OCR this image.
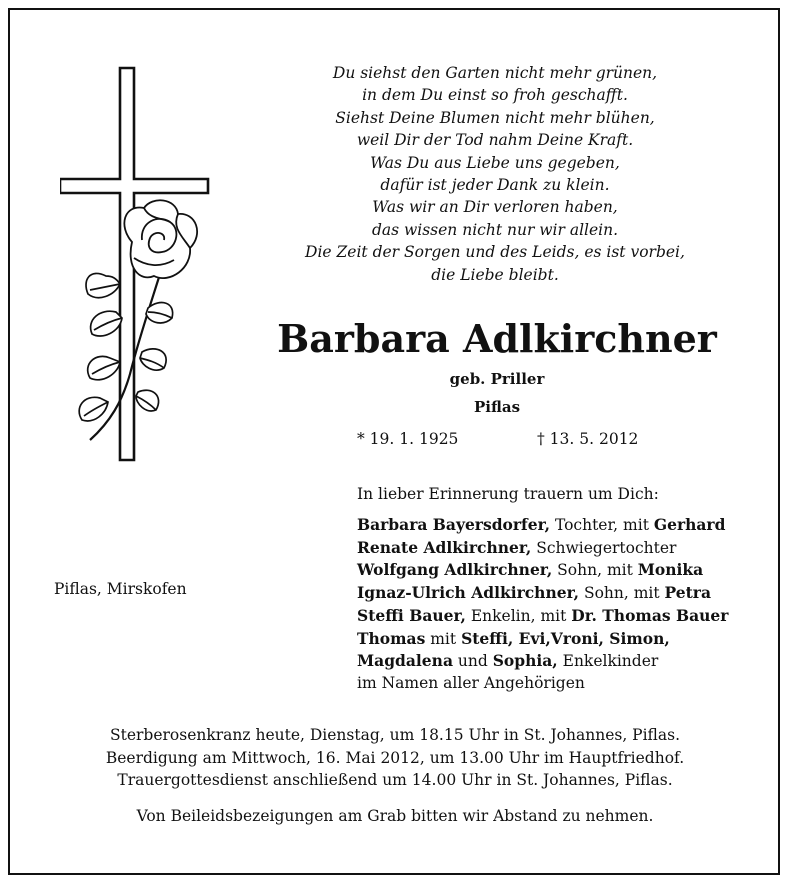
Du siehst den Garten nicht mehr grünen,
in dem Du einst so froh geschafft.
Siehst Deine Blumen nicht mehr blühen,
weil Dir der Tod nahm Deine Kraft.
Was Du aus Liebe uns gegeben,
dafür ist jeder Dank zu klein.
Was wir an Dir verloren haben,
das wissen nicht nur wir allein.
Die Zeit der Sorgen und des Leids, es ist vorbei,
die Liebe bleibt.
Barbara Adlkirchner
geb. Priller
Piflas
* 19. 1. 1925	† 13. 5. 2012
In lieber Erinnerung trauern um Dich:
Barbara Bayersdorfer, Tochter, mit Gerhard
Renate Adlkirchner, Schwiegertochter
Wolfgang Adlkirchner, Sohn, mit Monika
Ignaz-Ulrich Adlkirchner, Sohn, mit Petra
Steffi Bauer, Enkelin, mit Dr. Thomas Bauer
Thomas mit Steffi, Evi,Vroni, Simon,
Magdalena und Sophia, Enkelkinder
im Namen aller Angehörigen
Piflas, Mirskofen
Sterberosenkranz heute, Dienstag, um 18.15 Uhr in St. Johannes, Piflas.
Beerdigung am Mittwoch, 16. Mai 2012, um 13.00 Uhr im Hauptfriedhof.
Trauergottesdienst anschließend um 14.00 Uhr in St. Johannes, Piflas.
Von Beileidsbezeigungen am Grab bitten wir Abstand zu nehmen.
